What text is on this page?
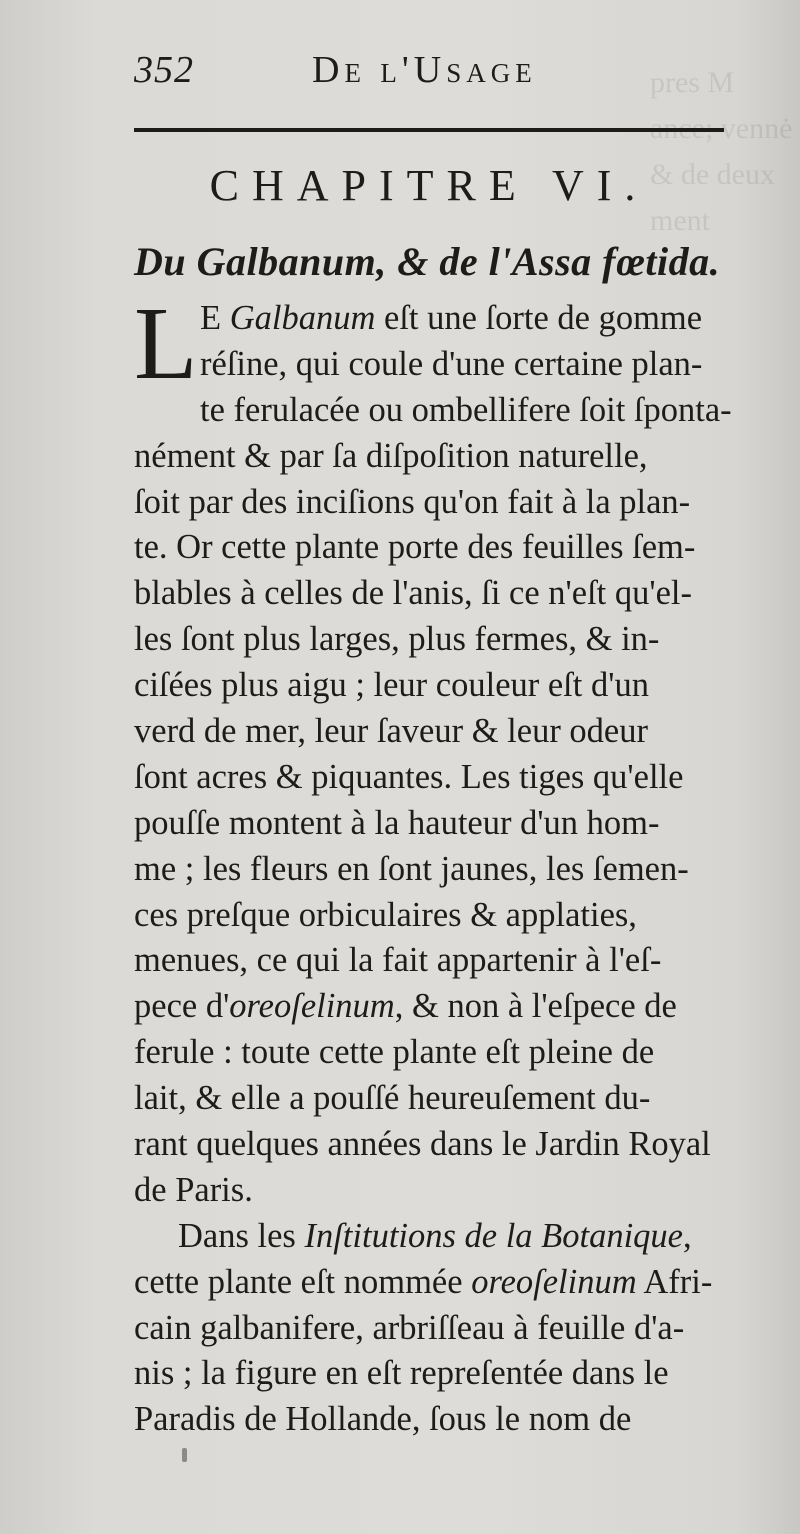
pres M
ance; vennė
& de deux
ment
352	De l'Usage
CHAPITRE VI.
Du Galbanum, & de l'Assa fœtida.
L E Galbanum eſt une ſorte de gomme
réſine, qui coule d'une certaine plan-
te ferulacée ou ombellifere ſoit ſponta-
nément & par ſa diſpoſition naturelle,
ſoit par des inciſions qu'on fait à la plan-
te. Or cette plante porte des feuilles ſem-
blables à celles de l'anis, ſi ce n'eſt qu'el-
les ſont plus larges, plus fermes, & in-
ciſées plus aigu ; leur couleur eſt d'un
verd de mer, leur ſaveur & leur odeur
ſont acres & piquantes. Les tiges qu'elle
pouſſe montent à la hauteur d'un hom-
me ; les fleurs en ſont jaunes, les ſemen-
ces preſque orbiculaires & applaties,
menues, ce qui la fait appartenir à l'eſ-
pece d'oreoſelinum, & non à l'eſpece de
ferule : toute cette plante eſt pleine de
lait, & elle a pouſſé heureuſement du-
rant quelques années dans le Jardin Royal
de Paris.
Dans les Inſtitutions de la Botanique,
cette plante eſt nommée oreoſelinum Afri-
cain galbanifere, arbriſſeau à feuille d'a-
nis ; la figure en eſt repreſentée dans le
Paradis de Hollande, ſous le nom de
